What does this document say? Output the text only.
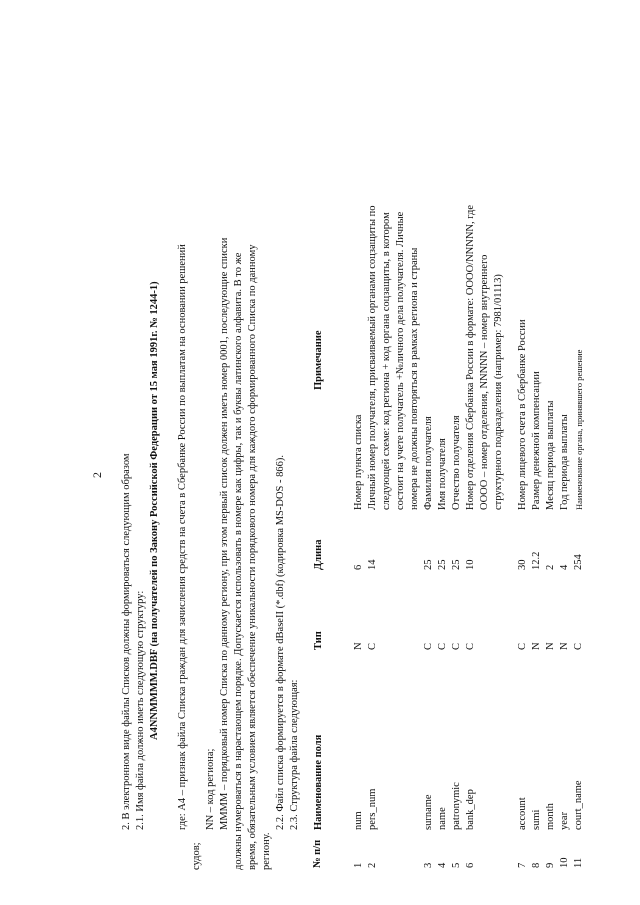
2 2. В электронном виде файлы Списков должны формироваться следующим образом 2.1. Имя файла должно иметь следующую структуру: A4NNMMMM.DBF (на получателей по Закону Российской Федерации от 15 мая 1991г. № 1244-1) где: A4 – признак файла Списка граждан для зачисления средств на счета в Сбербанке России по выплатам на основании решений
судов;
NN – код региона; MMMM – порядковый номер Списка по данному региону, при этом первый список должен иметь номер 0001, последующие списки должны нумероваться в нарастающем порядке. Допускается использовать в номере как цифры, так и буквы латинского алфавита. В то же время, обязательным условием является обеспечение уникальности порядкового номера для каждого сформированного Списка по данному региону.
2.2. Файл списка формируется в формате dBaseII (*.dbf) (кодировка MS-DOS - 866). 2.3. Структура файла следующая:
№ п/п
Наименование поля
Тип
Длина
Примечание
1
num
N
6
Номер пункта списка
2
pers_num
C
14
Личный номер получателя, присваиваемый органами соцзащиты по следующей схеме: код региона + код органа соцзащиты, в котором состоит на учете получатель +№личного дела получателя. Личные номера не должны повторяться в рамках региона и страны
3
surname
C
25
Фамилия получателя
4
name
C
25
Имя получателя
5
patronymic
C
25
Отчество получателя
6
bank_dep
C
10
Номер отделения Сбербанка России в формате: OOOO/NNNNN, где OOOO – номер отделения, NNNNN – номер внутреннего структурного подразделения (например: 7981/01113)
7
account
C
30
Номер лицевого счета в Сбербанке России
8
sumi
N
12.2
Размер денежной компенсации
9
month
N
2
Месяц периода выплаты
10
year
N
4
Год периода выплаты
11
court_name
C
254
Наименование органа, принявшего решение
